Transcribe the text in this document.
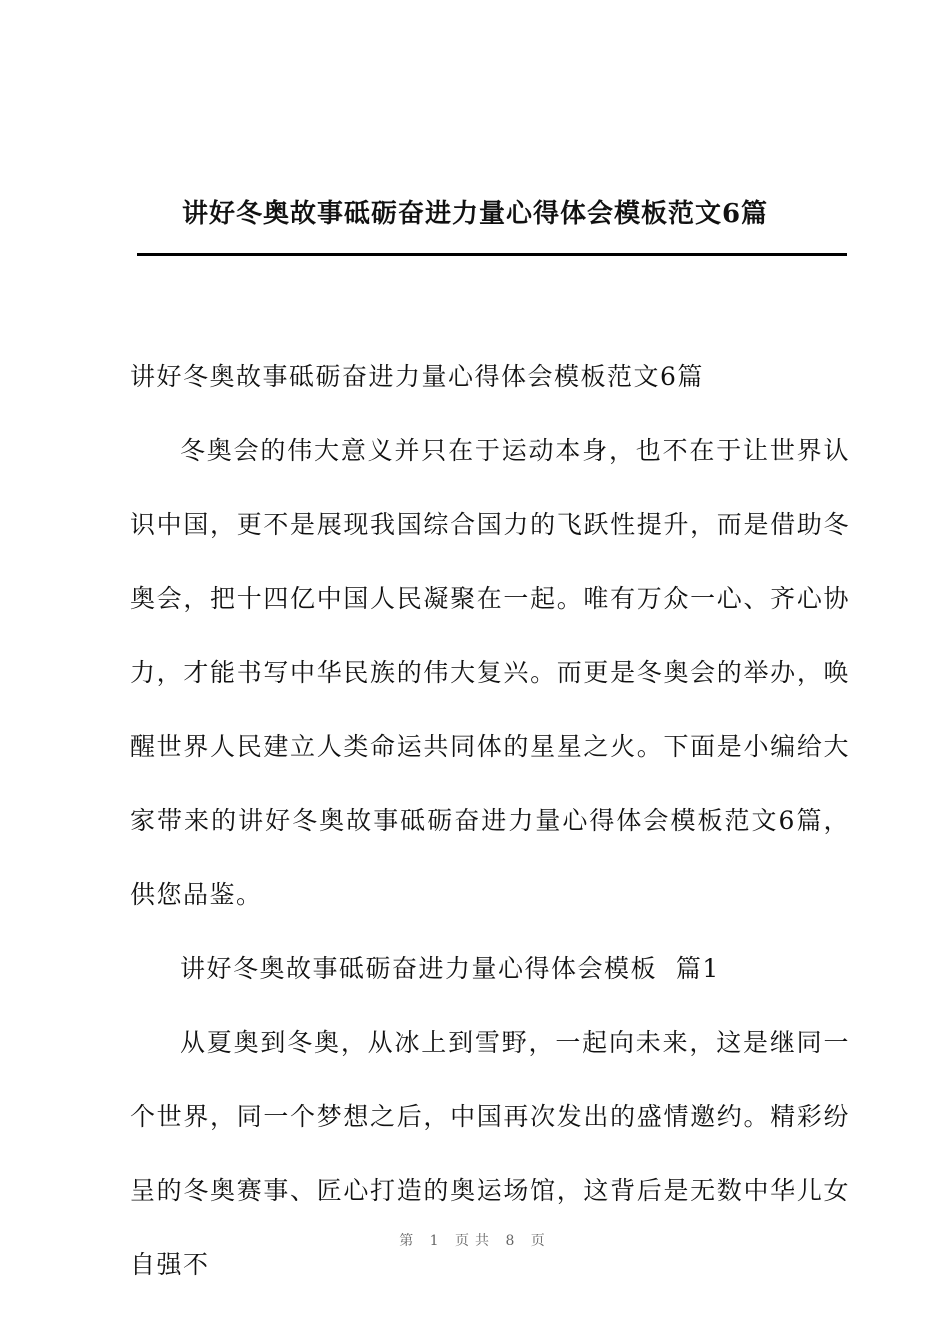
讲好冬奥故事砥砺奋进力量心得体会模板范文6篇

讲好冬奥故事砥砺奋进力量心得体会模板范文6篇

冬奥会的伟大意义并只在于运动本身，也不在于让世界认识中国，更不是展现我国综合国力的飞跃性提升，而是借助冬奥会，把十四亿中国人民凝聚在一起。唯有万众一心、齐心协力，才能书写中华民族的伟大复兴。而更是冬奥会的举办，唤醒世界人民建立人类命运共同体的星星之火。下面是小编给大家带来的讲好冬奥故事砥砺奋进力量心得体会模板范文6篇，供您品鉴。

讲好冬奥故事砥砺奋进力量心得体会模板  篇1

从夏奥到冬奥，从冰上到雪野，一起向未来，这是继同一个世界，同一个梦想之后，中国再次发出的盛情邀约。精彩纷呈的冬奥赛事、匠心打造的奥运场馆，这背后是无数中华儿女自强不

第 1 页共 8 页
